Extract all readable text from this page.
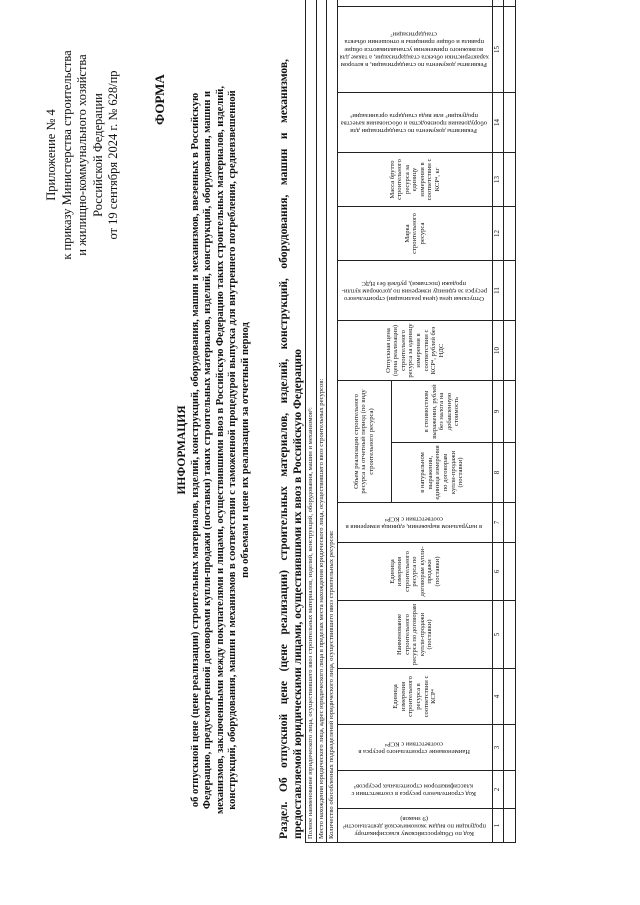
Приложение № 4 к приказу Министерства строительства и жилищно-коммунального хозяйства Российской Федерации от 19 сентября 2024 г. № 628/пр ФОРМА
ИНФОРМАЦИЯ об отпускной цене (цене реализации) строительных материалов, изделий, конструкций, оборудования, машин и механизмов, ввезенных в Российскую Федерацию, предусмотренной договорами купли-продажи (поставки) таких строительных материалов, изделий, конструкций, оборудования, машин и механизмов, заключенными между покупателями и лицами, осуществившими ввоз в Российскую Федерацию таких строительных материалов, изделий, конструкций, оборудования, машин и механизмов в соответствии с таможенной процедурой выпуска для внутреннего потребления, средневзвешенной по объемам и цене их реализации за отчетный период Раздел. Об отпускной цене (цене реализации) строительных материалов, изделий, конструкций, оборудования, машин и механизмов, предоставляемой юридическими лицами, осуществившими их ввоз в Российскую Федерацию Полное наименование юридического лица, осуществившего ввоз строительных материалов, изделий, конструкций, оборудования, машин и механизмов¹:															
Место нахождения юридического лица, адрес юридического лица в пределах места нахождения юридического лица, осуществившего ввоз строительных ресурсов:															
Количество обособленных подразделений юридического лица, осуществившего ввоз строительных ресурсов:															
Код по Общероссийскому классификатору продукции по видам экономической деятельности² (9 знаков)	Код строительного ресурса в соответствии с классификатором строительных ресурсов³	Наименование строительного ресурса в соответствии с КСР⁴	Единица измерения строительного ресурса в соответствии с КСР⁴	Наименование строительного ресурса по договорам купли-продажи (поставки)	Единица измерения строительного ресурса по договорам купли-продажи (поставки)	в натуральном выражении, единица измерения в соответствии с КСР⁴	Объем реализации строительного ресурса за отчетный период (по виду строительного ресурса)		Отпускная цена (цена реализации) строительного ресурса за единицу измерения в соответствии с КСР⁴, рублей без НДС	Отпускная цена (цена реализации) строительного ресурса за единицу измерения по договорам купли-продажи (поставки), рублей без НДС	Марка строительного ресурса	Масса брутто строительного ресурса за единицу измерения в соответствии с КСР⁴, кг	Реквизиты документа по стандартизации для оборудования производства и обоснования качества продукции⁵ или вида стандарта организации⁶	Реквизиты документа по стандартизации, в котором характеристики объекта стандартизации, а также для возможного применения устанавливаются общие правила и общие принципы в отношении объекта стандартизации⁷	
							в натуральном выражении, единица измерения по договорам купли-продажи (поставки)	в стоимостном выражении, рублей без налога на добавленную стоимость							
1	2	3	4	5	6	7	8	9	10	11	12	13	14	15	
